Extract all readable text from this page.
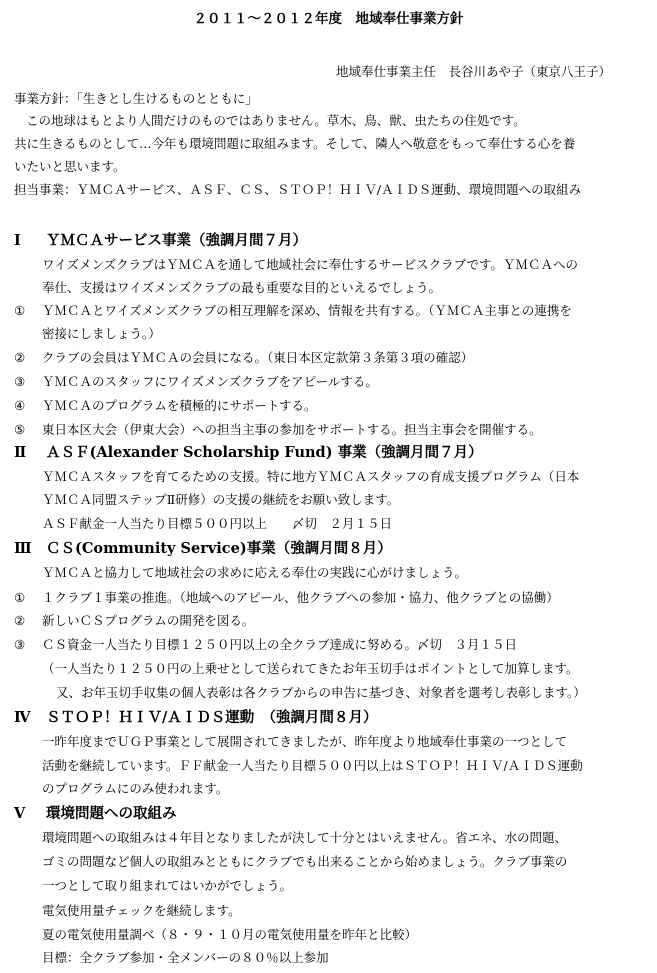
２０１１～２０１２年度　地域奉仕事業方針
地域奉仕事業主任　長谷川あや子（東京八王子）
事業方針：「生きとし生けるものとともに」
この地球はもとより人間だけのものではありません。草木、鳥、獣、虫たちの住処です。
共に生きるものとして…今年も環境問題に取組みます。そして、隣人へ敬意をもって奉仕する心を養
いたいと思います。
担当事業：ＹＭＣＡサービス、ＡＳＦ、ＣＳ、ＳＴＯＰ！ＨＩＶ/ＡＩＤＳ運動、環境問題への取組み
Ⅰ ＹＭＣＡサービス事業（強調月間７月）
ワイズメンズクラブはＹＭＣＡを通して地域社会に奉仕するサービスクラブです。ＹＭＣＡへの
奉仕、支援はワイズメンズクラブの最も重要な目的といえるでしょう。
① ＹＭＣＡとワイズメンズクラブの相互理解を深め、情報を共有する。（ＹＭＣＡ主事との連携を
密接にしましょう。）
② クラブの会員はＹＭＣＡの会員になる。（東日本区定款第３条第３項の確認）
③ ＹＭＣＡのスタッフにワイズメンズクラブをアピールする。
④ ＹＭＣＡのプログラムを積極的にサポートする。
⑤ 東日本区大会（伊東大会）への担当主事の参加をサポートする。担当主事会を開催する。
Ⅱ ＡＳＦ(Alexander Scholarship Fund) 事業（強調月間７月）
ＹＭＣＡスタッフを育てるための支援。特に地方ＹＭＣＡスタッフの育成支援プログラム（日本
ＹＭＣＡ同盟ステップⅡ研修）の支援の継続をお願い致します。
ＡＳＦ献金一人当たり目標５００円以上　　〆切　２月１５日
Ⅲ ＣＳ(Community Service)事業（強調月間８月）
ＹＭＣＡと協力して地域社会の求めに応える奉仕の実践に心がけましょう。
① １クラブ１事業の推進。（地域へのアピール、他クラブへの参加・協力、他クラブとの協働）
② 新しいＣＳプログラムの開発を図る。
③ ＣＳ資金一人当たり目標１２５０円以上の全クラブ達成に努める。〆切　３月１５日
（一人当たり１２５０円の上乗せとして送られてきたお年玉切手はポイントとして加算します。
又、お年玉切手収集の個人表彰は各クラブからの申告に基づき、対象者を選考し表彰します。）
Ⅳ ＳＴＯＰ！ＨＩＶ/ＡＩＤＳ運動　（強調月間８月）
一昨年度までＵＧＰ事業として展開されてきましたが、昨年度より地域奉仕事業の一つとして
活動を継続しています。ＦＦ献金一人当たり目標５００円以上はＳＴＯＰ！ＨＩＶ/ＡＩＤＳ運動
のプログラムにのみ使われます。
Ⅴ 環境問題への取組み
環境問題への取組みは４年目となりましたが決して十分とはいえません。省エネ、水の問題、
ゴミの問題など個人の取組みとともにクラブでも出来ることから始めましょう。クラブ事業の
一つとして取り組まれてはいかがでしょう。
電気使用量チェックを継続します。
夏の電気使用量調べ（８・９・１０月の電気使用量を昨年と比較）
目標：全クラブ参加・全メンバーの８０％以上参加
